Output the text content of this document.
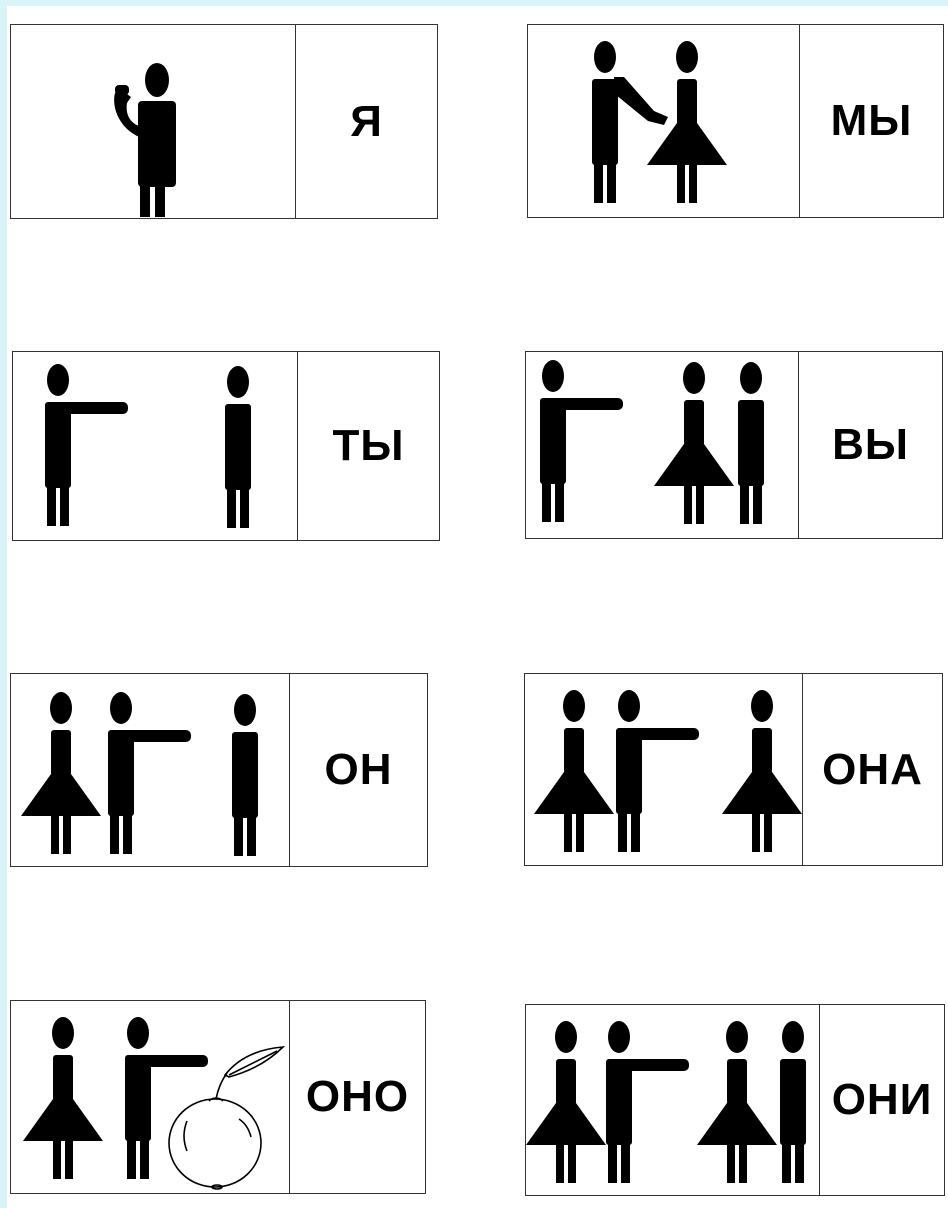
Я	МЫ
ТЫ	ВЫ
ОН	ОНА
ОНО	ОНИ
